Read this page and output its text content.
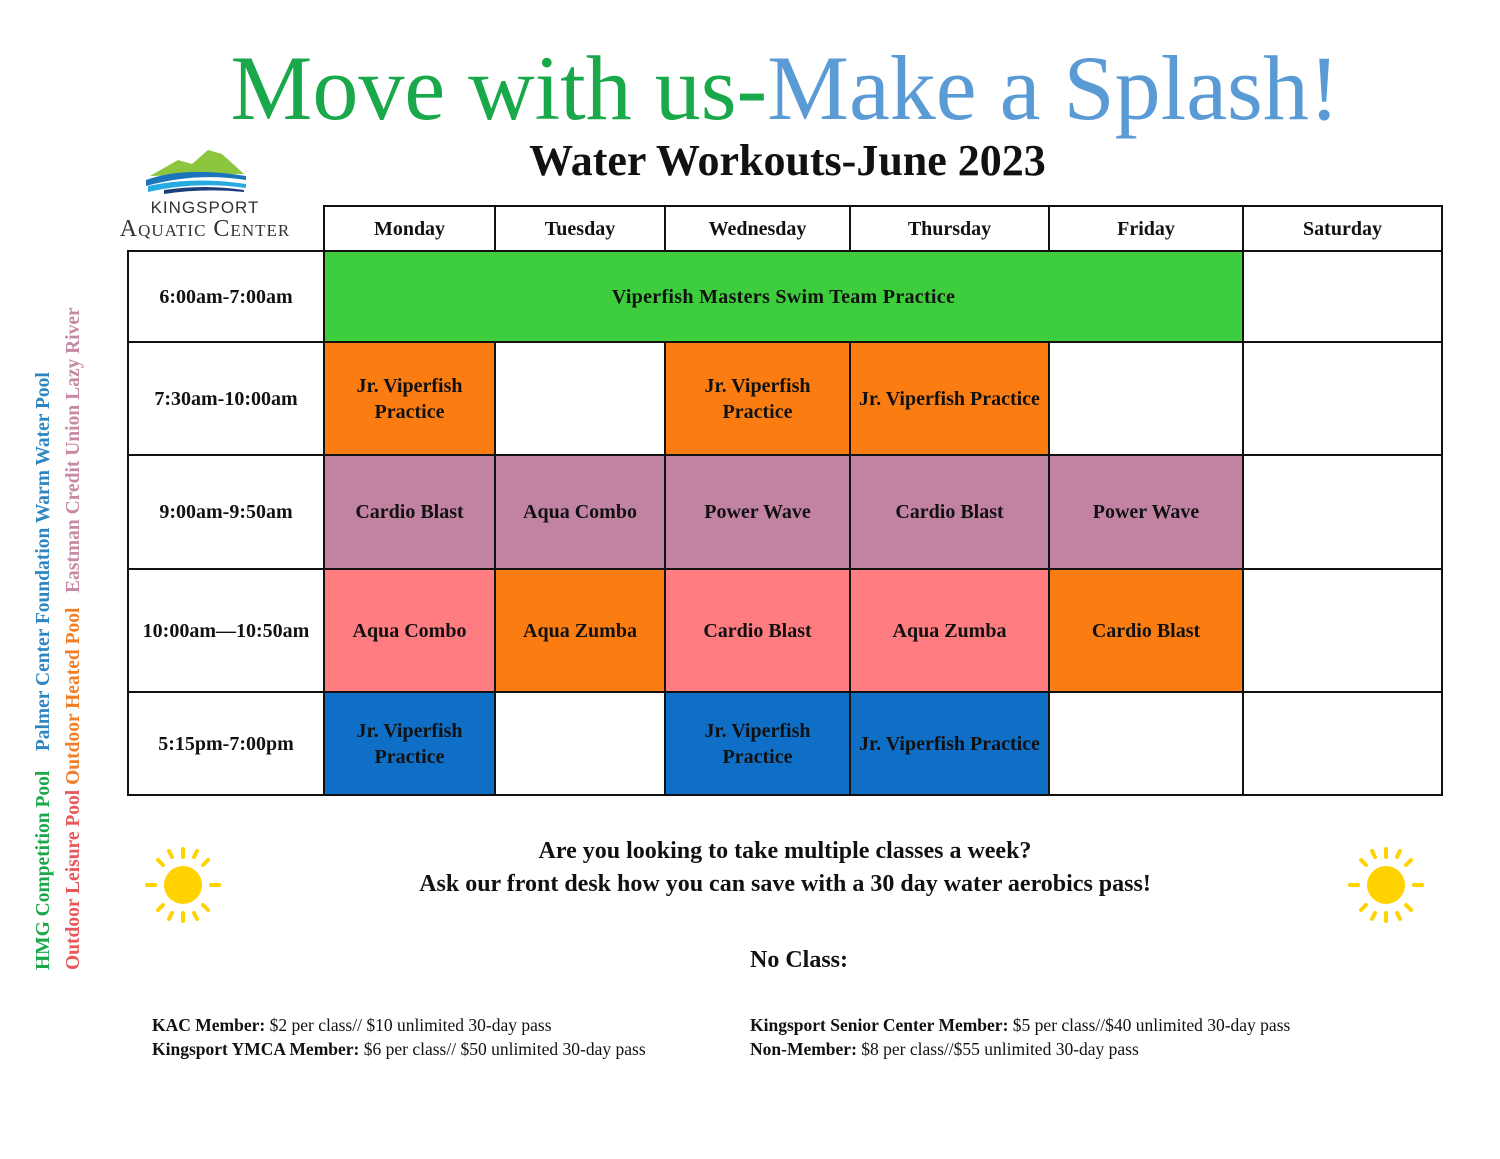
Move with us-Make a Splash!
Water Workouts-June 2023
KINGSPORT
Aquatic Center
HMG Competition Pool    Palmer Center Foundation Warm Water Pool
Outdoor Leisure Pool Outdoor Heated Pool   Eastman Credit Union Lazy River
	Monday	Tuesday	Wednesday	Thursday	Friday	Saturday
6:00am-7:00am	Viperfish Masters Swim Team Practice					
7:30am-10:00am	Jr. Viperfish Practice		Jr. Viperfish Practice	Jr. Viperfish Practice		
9:00am-9:50am	Cardio Blast	Aqua Combo	Power Wave	Cardio Blast	Power Wave	
10:00am—10:50am	Aqua Combo	Aqua Zumba	Cardio Blast	Aqua Zumba	Cardio Blast	
5:15pm-7:00pm	Jr. Viperfish Practice		Jr. Viperfish Practice	Jr. Viperfish Practice		
Are you looking to take multiple classes a week?
Ask our front desk how you can save with a 30 day water aerobics pass!
No Class:
KAC Member: $2 per class// $10 unlimited 30-day pass
Kingsport YMCA Member: $6 per class// $50 unlimited 30-day pass
Kingsport Senior Center Member: $5 per class//$40 unlimited 30-day pass
Non-Member: $8 per class//$55 unlimited 30-day pass
